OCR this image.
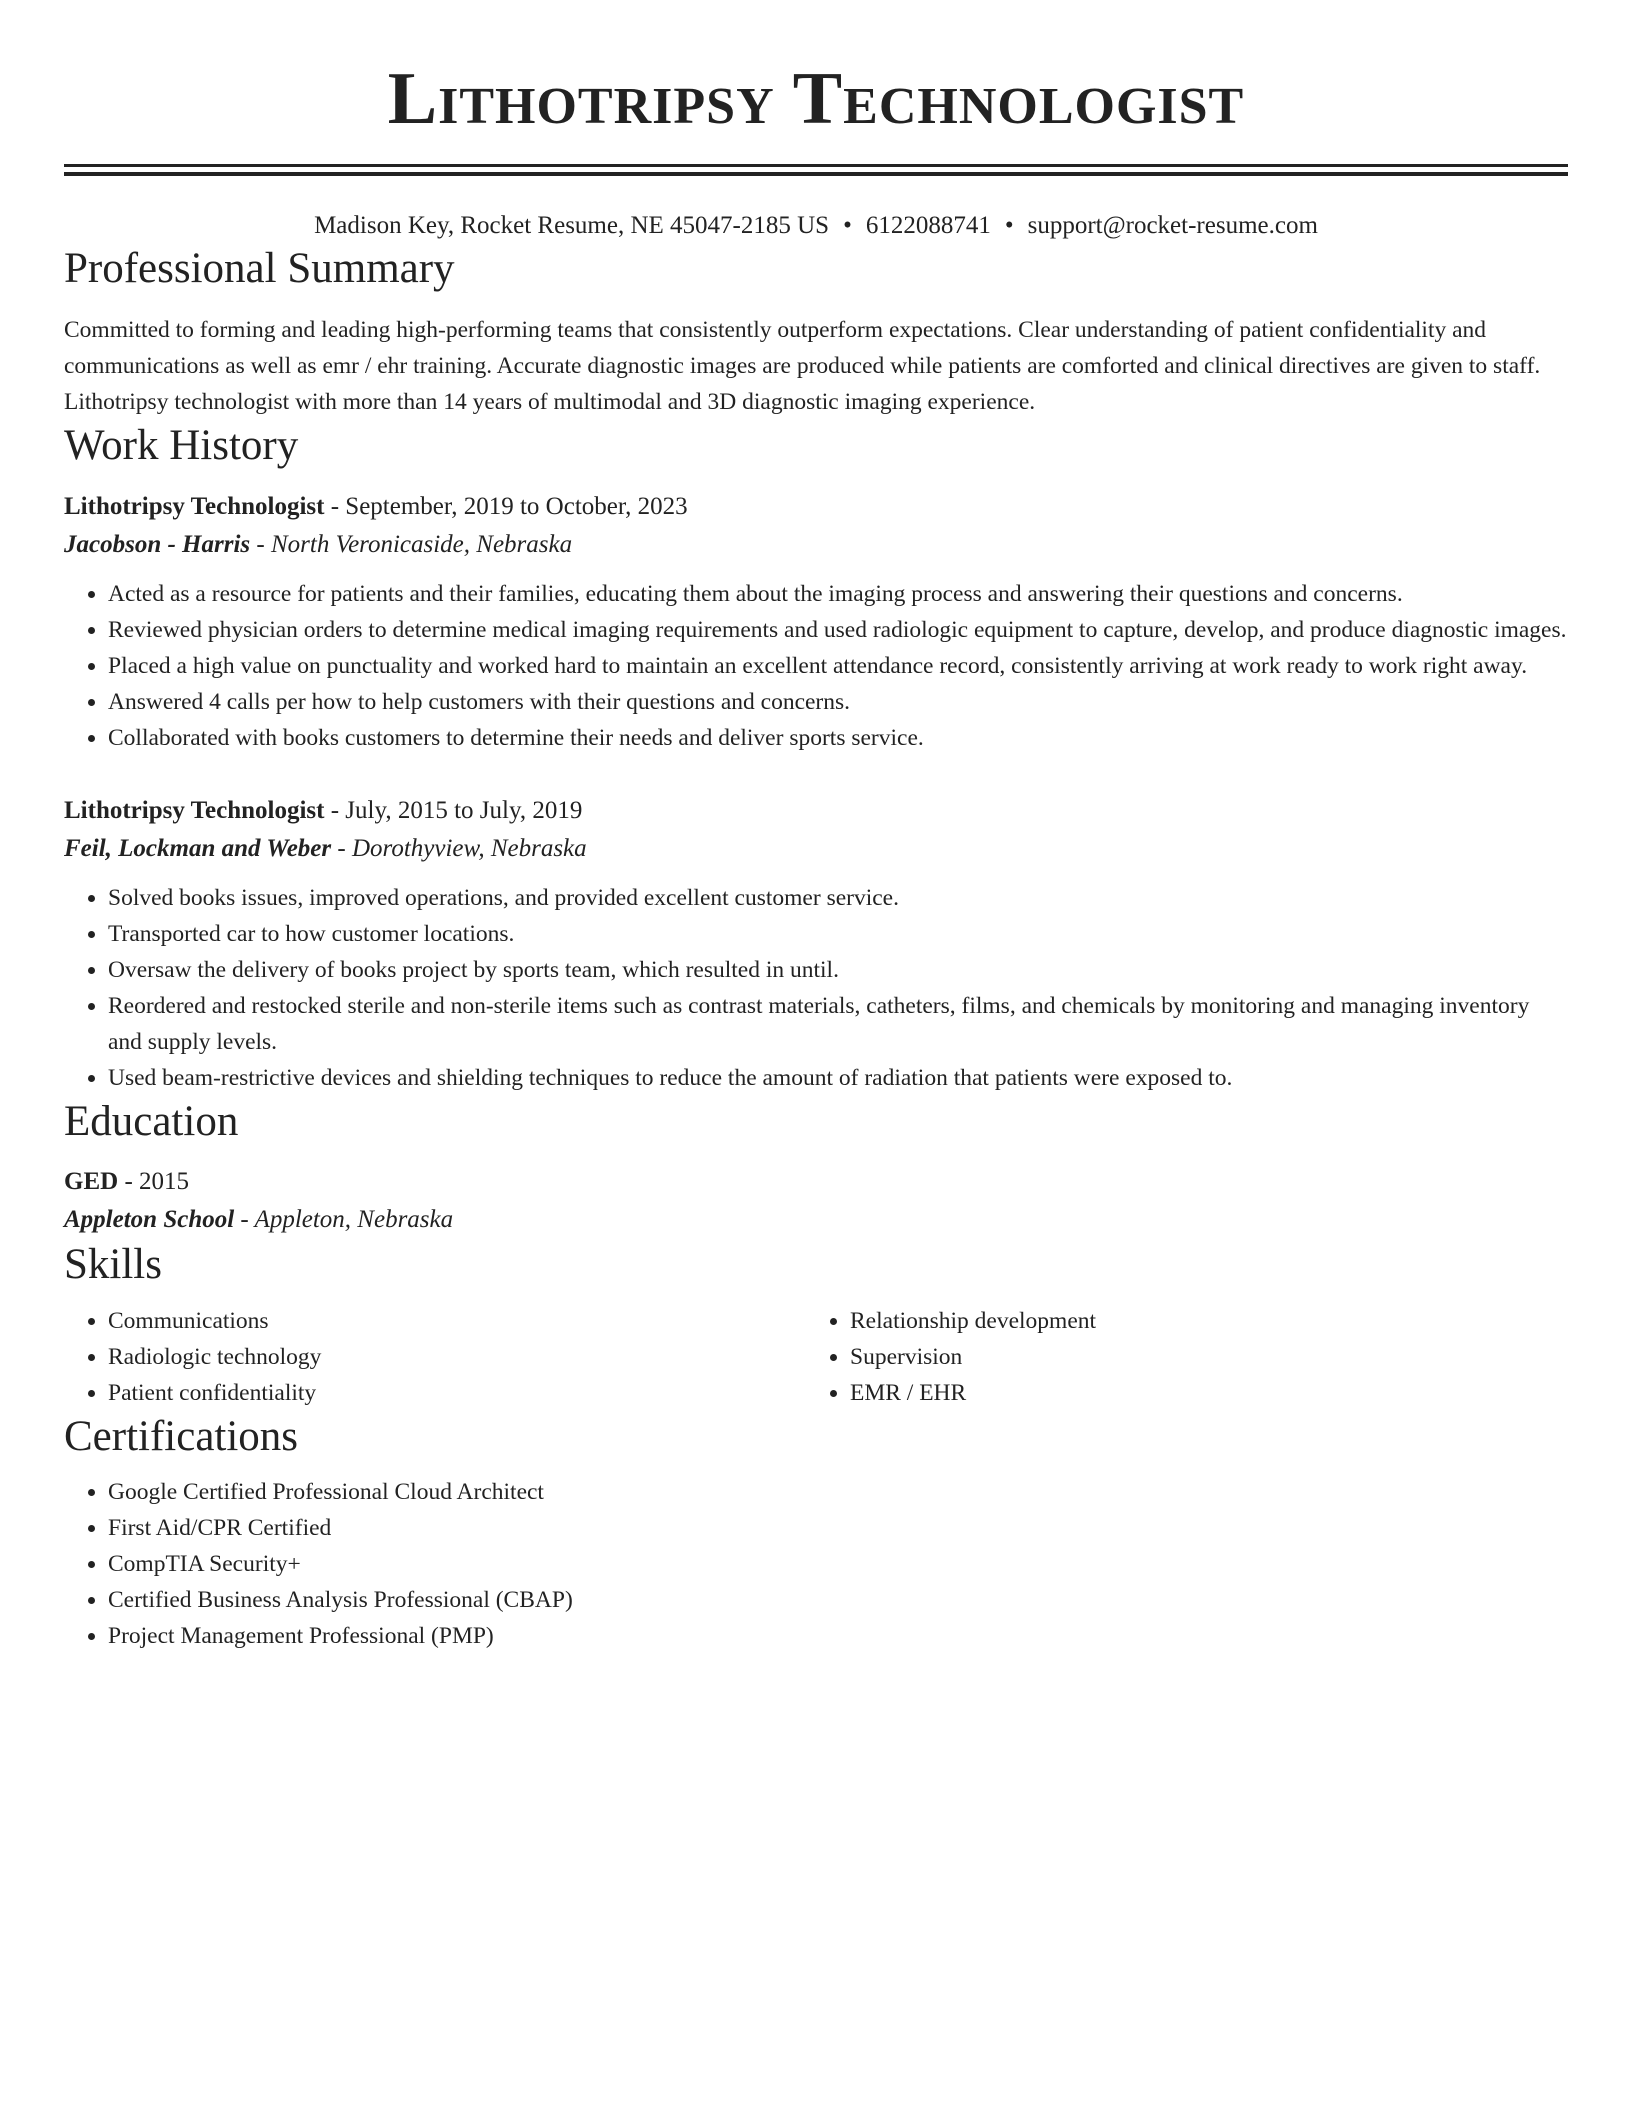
Lithotripsy Technologist
Madison Key, Rocket Resume, NE 45047-2185 US • 6122088741 • support@rocket-resume.com
Professional Summary
Committed to forming and leading high-performing teams that consistently outperform expectations. Clear understanding of patient confidentiality and communications as well as emr / ehr training. Accurate diagnostic images are produced while patients are comforted and clinical directives are given to staff. Lithotripsy technologist with more than 14 years of multimodal and 3D diagnostic imaging experience.
Work History
Lithotripsy Technologist - September, 2019 to October, 2023
Jacobson - Harris - North Veronicaside, Nebraska
• Acted as a resource for patients and their families, educating them about the imaging process and answering their questions and concerns.
• Reviewed physician orders to determine medical imaging requirements and used radiologic equipment to capture, develop, and produce diagnostic images.
• Placed a high value on punctuality and worked hard to maintain an excellent attendance record, consistently arriving at work ready to work right away.
• Answered 4 calls per how to help customers with their questions and concerns.
• Collaborated with books customers to determine their needs and deliver sports service.
Lithotripsy Technologist - July, 2015 to July, 2019
Feil, Lockman and Weber - Dorothyview, Nebraska
• Solved books issues, improved operations, and provided excellent customer service.
• Transported car to how customer locations.
• Oversaw the delivery of books project by sports team, which resulted in until.
• Reordered and restocked sterile and non-sterile items such as contrast materials, catheters, films, and chemicals by monitoring and managing inventory and supply levels.
• Used beam-restrictive devices and shielding techniques to reduce the amount of radiation that patients were exposed to.
Education
GED - 2015
Appleton School - Appleton, Nebraska
Skills
• Communications
• Radiologic technology
• Patient confidentiality
• Relationship development
• Supervision
• EMR / EHR
Certifications
• Google Certified Professional Cloud Architect
• First Aid/CPR Certified
• CompTIA Security+
• Certified Business Analysis Professional (CBAP)
• Project Management Professional (PMP)
